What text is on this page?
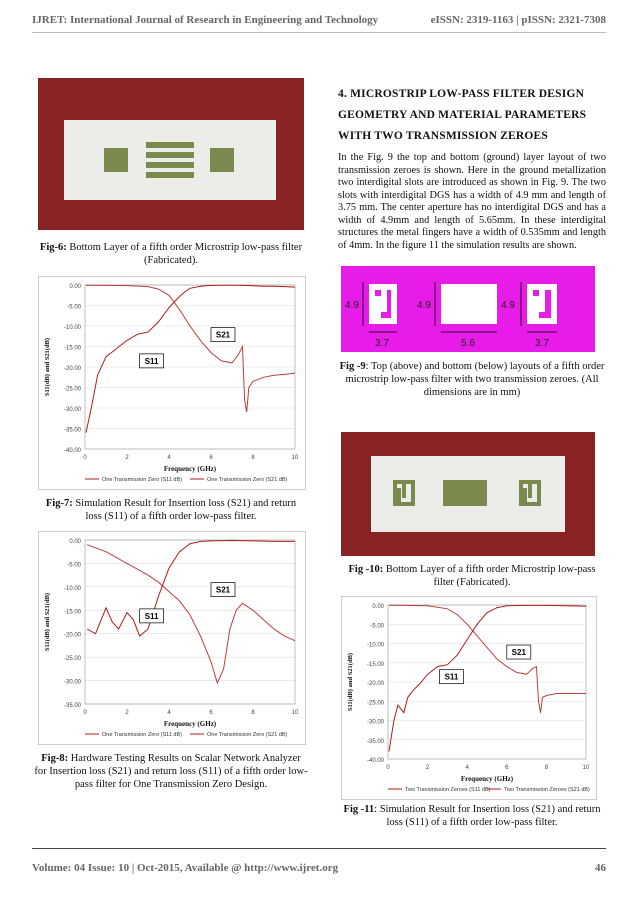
IJRET: International Journal of Research in Engineering and Technology	eISSN: 2319-1163 | pISSN: 2321-7308
Fig-6: Bottom Layer of a fifth order Microstrip low-pass filter (Fabricated).
0.00
-5.00
-10.00
-15.00
-20.00
-25.00
-30.00
-35.00
-40.00
0	2	4	6	8	10
Frequency (GHz)
S11(dB) and S21(dB)
One Transmission Zero (S11 dB)	One Transmission Zero (S21 dB)
S21
S11
Fig-7: Simulation Result for Insertion loss (S21) and return loss (S11) of a fifth order low-pass filter.
0.00
-5.00
-10.00
-15.00
-20.00
-25.00
-30.00
-35.00
0	2	4	6	8	10
Frequency (GHz)
S11(dB) and S21(dB)
One Transmission Zero (S11 dB)	One Transmission Zero (S21 dB)
S21
S11
Fig-8: Hardware Testing Results on Scalar Network Analyzer for Insertion loss (S21) and return loss (S11) of a fifth order low-pass filter for One Transmission Zero Design.
4. MICROSTRIP LOW-PASS FILTER DESIGN GEOMETRY AND MATERIAL PARAMETERS WITH TWO TRANSMISSION ZEROES
In the Fig. 9 the top and bottom (ground) layer layout of two transmission zeroes is shown. Here in the ground metallization two interdigital slots are introduced as shown in Fig. 9. The two slots with interdigital DGS has a width of 4.9 mm and length of 3.75 mm. The center aperture has no interdigital DGS and has a width of 4.9mm and length of 5.65mm. In these interdigital structures the metal fingers have a width of 0.535mm and length of 4mm. In the figure 11 the simulation results are shown.
4.9	4.9	4.9
3.7	5.6	3.7
Fig -9: Top (above) and bottom (below) layouts of a fifth order microstrip low-pass filter with two transmission zeroes. (All dimensions are in mm)
Fig -10: Bottom Layer of a fifth order Microstrip low-pass filter (Fabricated).
0.00
-5.00
-10.00
-15.00
-20.00
-25.00
-30.00
-35.00
-40.00
0	2	4	6	8	10
Frequency (GHz)
S11(dB) and S21(dB)
Two Transmission Zeroes (S11 dB) Two Transmission Zeroes (S21 dB)
S21
S11
Fig -11: Simulation Result for Insertion loss (S21) and return loss (S11) of a fifth order low-pass filter.
Volume: 04 Issue: 10 | Oct-2015, Available @ http://www.ijret.org	46
